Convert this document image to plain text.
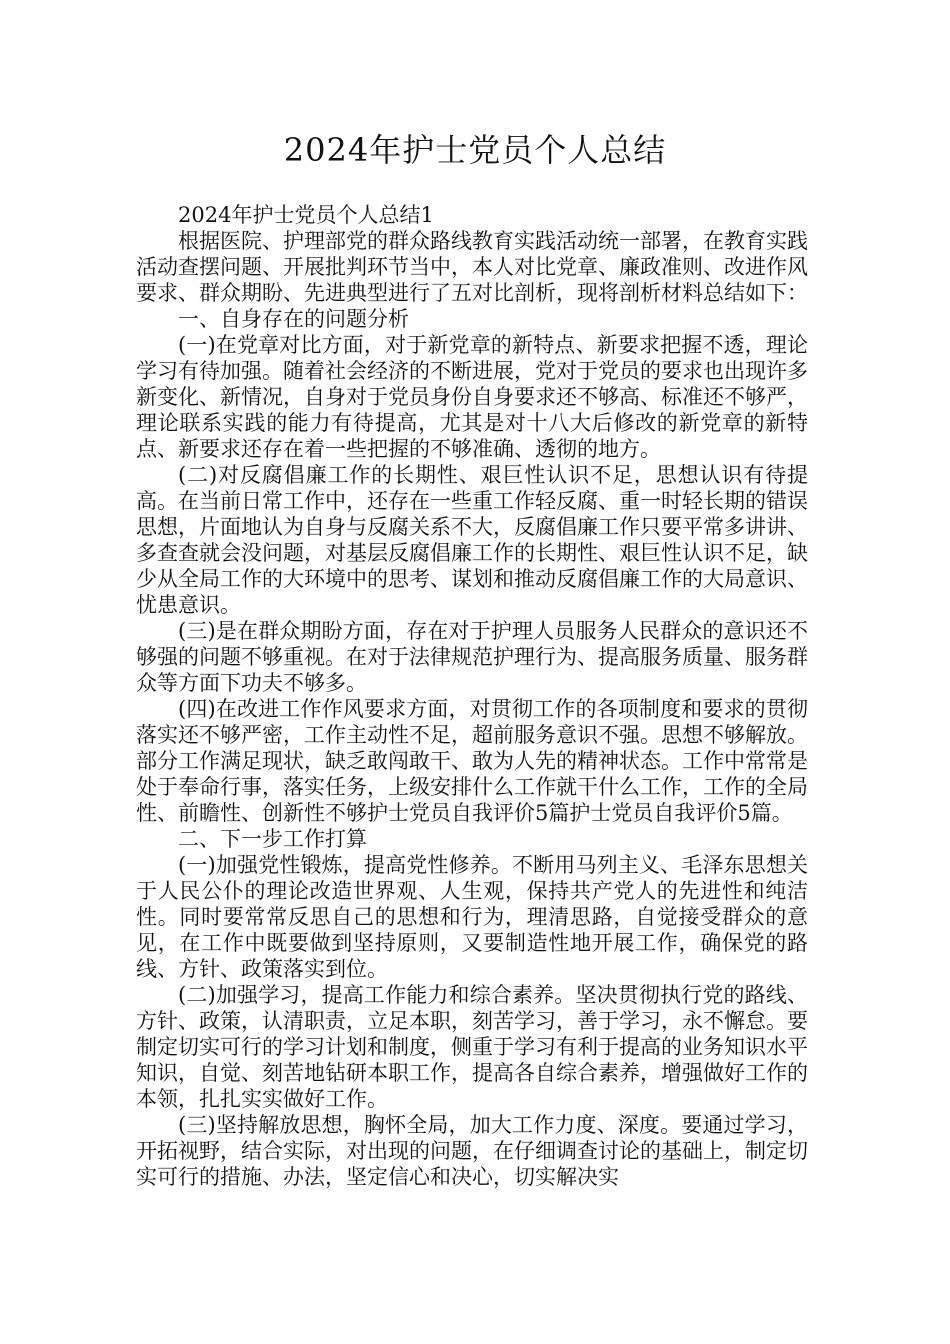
2024年护士党员个人总结

2024年护士党员个人总结1

根据医院、护理部党的群众路线教育实践活动统一部署，在教育实践活动查摆问题、开展批判环节当中，本人对比党章、廉政准则、改进作风要求、群众期盼、先进典型进行了五对比剖析，现将剖析材料总结如下：

一、自身存在的问题分析

(一)在党章对比方面，对于新党章的新特点、新要求把握不透，理论学习有待加强。随着社会经济的不断进展，党对于党员的要求也出现许多新变化、新情况，自身对于党员身份自身要求还不够高、标准还不够严，理论联系实践的能力有待提高，尤其是对十八大后修改的新党章的新特点、新要求还存在着一些把握的不够准确、透彻的地方。

(二)对反腐倡廉工作的长期性、艰巨性认识不足，思想认识有待提高。在当前日常工作中，还存在一些重工作轻反腐、重一时轻长期的错误思想，片面地认为自身与反腐关系不大，反腐倡廉工作只要平常多讲讲、多查查就会没问题，对基层反腐倡廉工作的长期性、艰巨性认识不足，缺少从全局工作的大环境中的思考、谋划和推动反腐倡廉工作的大局意识、忧患意识。

(三)是在群众期盼方面，存在对于护理人员服务人民群众的意识还不够强的问题不够重视。在对于法律规范护理行为、提高服务质量、服务群众等方面下功夫不够多。

(四)在改进工作作风要求方面，对贯彻工作的各项制度和要求的贯彻落实还不够严密，工作主动性不足，超前服务意识不强。思想不够解放。部分工作满足现状，缺乏敢闯敢干、敢为人先的精神状态。工作中常常是处于奉命行事，落实任务，上级安排什么工作就干什么工作，工作的全局性、前瞻性、创新性不够护士党员自我评价5篇护士党员自我评价5篇。

二、下一步工作打算

(一)加强党性锻炼，提高党性修养。不断用马列主义、毛泽东思想关于人民公仆的理论改造世界观、人生观，保持共产党人的先进性和纯洁性。同时要常常反思自己的思想和行为，理清思路，自觉接受群众的意见，在工作中既要做到坚持原则，又要制造性地开展工作，确保党的路线、方针、政策落实到位。

(二)加强学习，提高工作能力和综合素养。坚决贯彻执行党的路线、方针、政策，认清职责，立足本职，刻苦学习，善于学习，永不懈怠。要制定切实可行的学习计划和制度，侧重于学习有利于提高的业务知识水平知识，自觉、刻苦地钻研本职工作，提高各自综合素养，增强做好工作的本领，扎扎实实做好工作。

(三)坚持解放思想，胸怀全局，加大工作力度、深度。要通过学习，开拓视野，结合实际，对出现的问题，在仔细调查讨论的基础上，制定切实可行的措施、办法，坚定信心和决心，切实解决实
